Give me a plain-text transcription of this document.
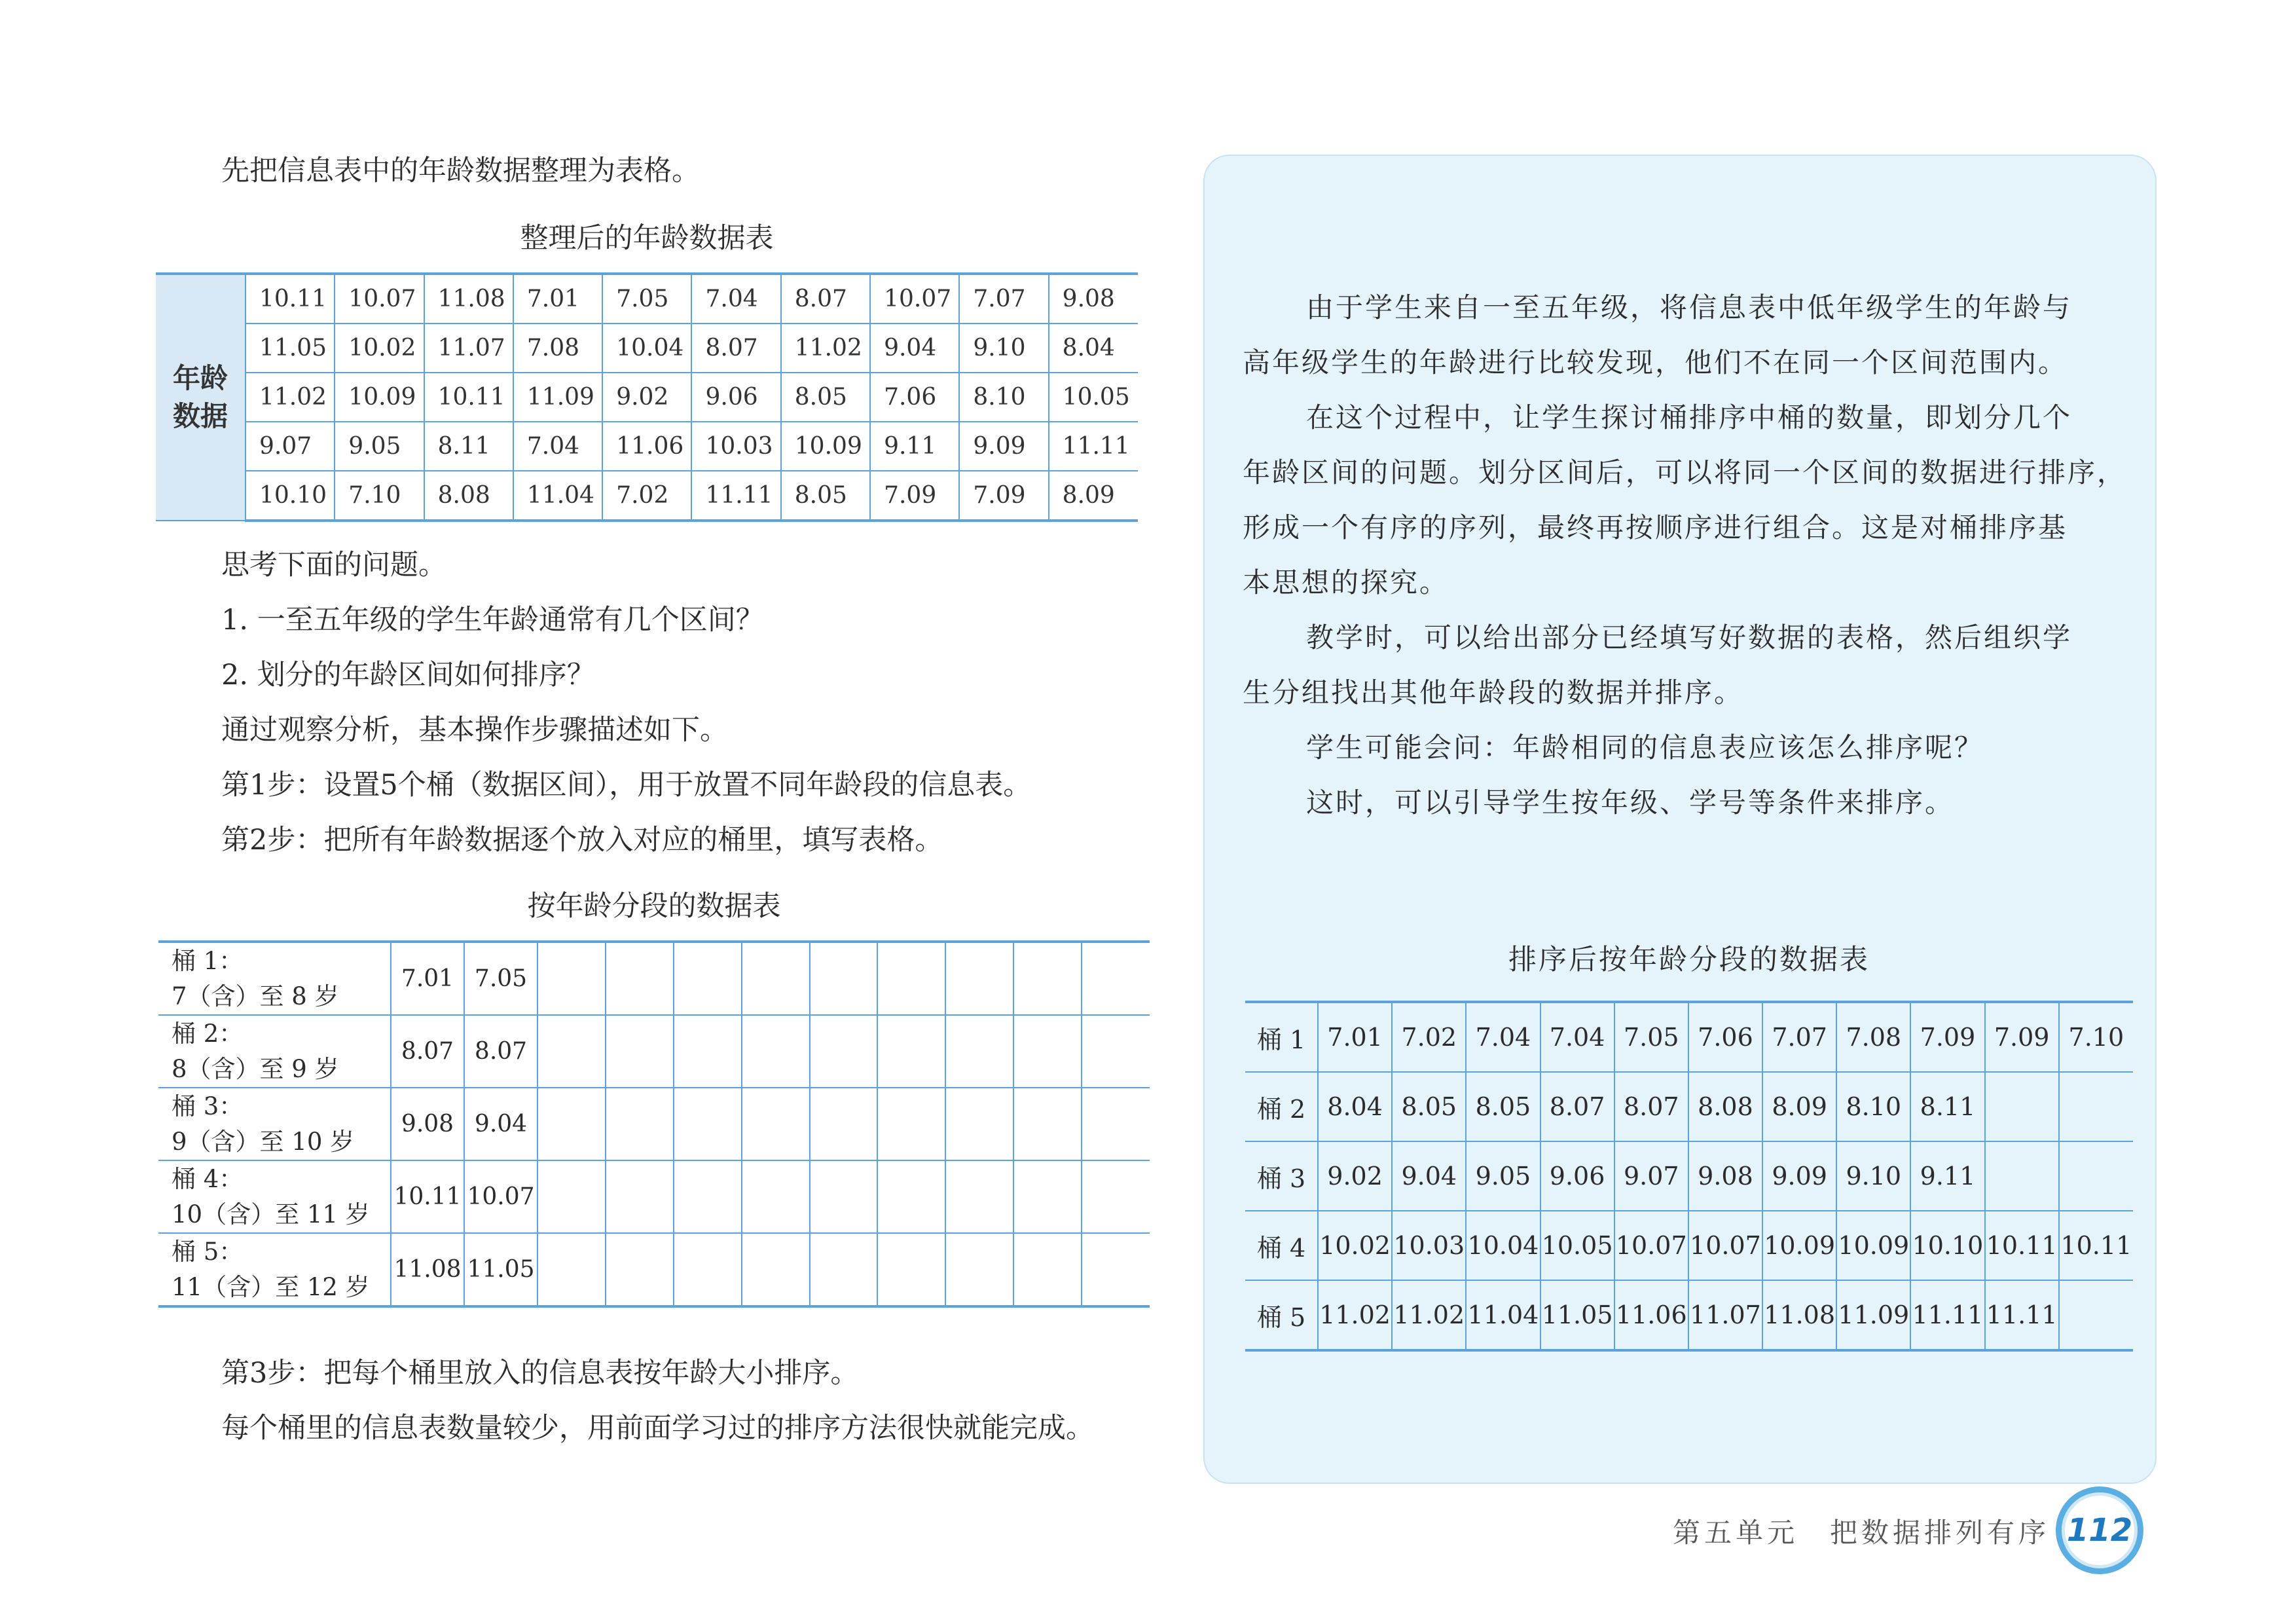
先把信息表中的年龄数据整理为表格。
整理后的年龄数据表
年龄
数据	10.11	10.07	11.08	7.01	7.05	7.04	8.07	10.07	7.07	9.08
	11.05	10.02	11.07	7.08	10.04	8.07	11.02	9.04	9.10	8.04
	11.02	10.09	10.11	11.09	9.02	9.06	8.05	7.06	8.10	10.05
	9.07	9.05	8.11	7.04	11.06	10.03	10.09	9.11	9.09	11.11
	10.10	7.10	8.08	11.04	7.02	11.11	8.05	7.09	7.09	8.09
思考下面的问题。
1. 一至五年级的学生年龄通常有几个区间？
2. 划分的年龄区间如何排序？
通过观察分析，基本操作步骤描述如下。
第1步：设置5个桶（数据区间），用于放置不同年龄段的信息表。
第2步：把所有年龄数据逐个放入对应的桶里，填写表格。
按年龄分段的数据表
桶 1：
7（含）至 8 岁	7.01	7.05									

桶 2：
8（含）至 9 岁	8.07	8.07									

桶 3：
9（含）至 10 岁	9.08	9.04									

桶 4：
10（含）至 11 岁	10.11	10.07									

桶 5：
11（含）至 12 岁	11.08	11.05									
第3步：把每个桶里放入的信息表按年龄大小排序。
每个桶里的信息表数量较少，用前面学习过的排序方法很快就能完成。
由于学生来自一至五年级，将信息表中低年级学生的年龄与
高年级学生的年龄进行比较发现，他们不在同一个区间范围内。
在这个过程中，让学生探讨桶排序中桶的数量，即划分几个
年龄区间的问题。划分区间后，可以将同一个区间的数据进行排序，
形成一个有序的序列，最终再按顺序进行组合。这是对桶排序基
本思想的探究。
教学时，可以给出部分已经填写好数据的表格，然后组织学
生分组找出其他年龄段的数据并排序。
学生可能会问：年龄相同的信息表应该怎么排序呢？
这时，可以引导学生按年级、学号等条件来排序。
排序后按年龄分段的数据表
桶 1	7.01	7.02	7.04	7.04	7.05	7.06	7.07	7.08	7.09	7.09	7.10
桶 2	8.04	8.05	8.05	8.07	8.07	8.08	8.09	8.10	8.11		
桶 3	9.02	9.04	9.05	9.06	9.07	9.08	9.09	9.10	9.11		
桶 4	10.02	10.03	10.04	10.05	10.07	10.07	10.09	10.09	10.10	10.11	10.11
桶 5	11.02	11.02	11.04	11.05	11.06	11.07	11.08	11.09	11.11	11.11	
第五单元　把数据排列有序 112
